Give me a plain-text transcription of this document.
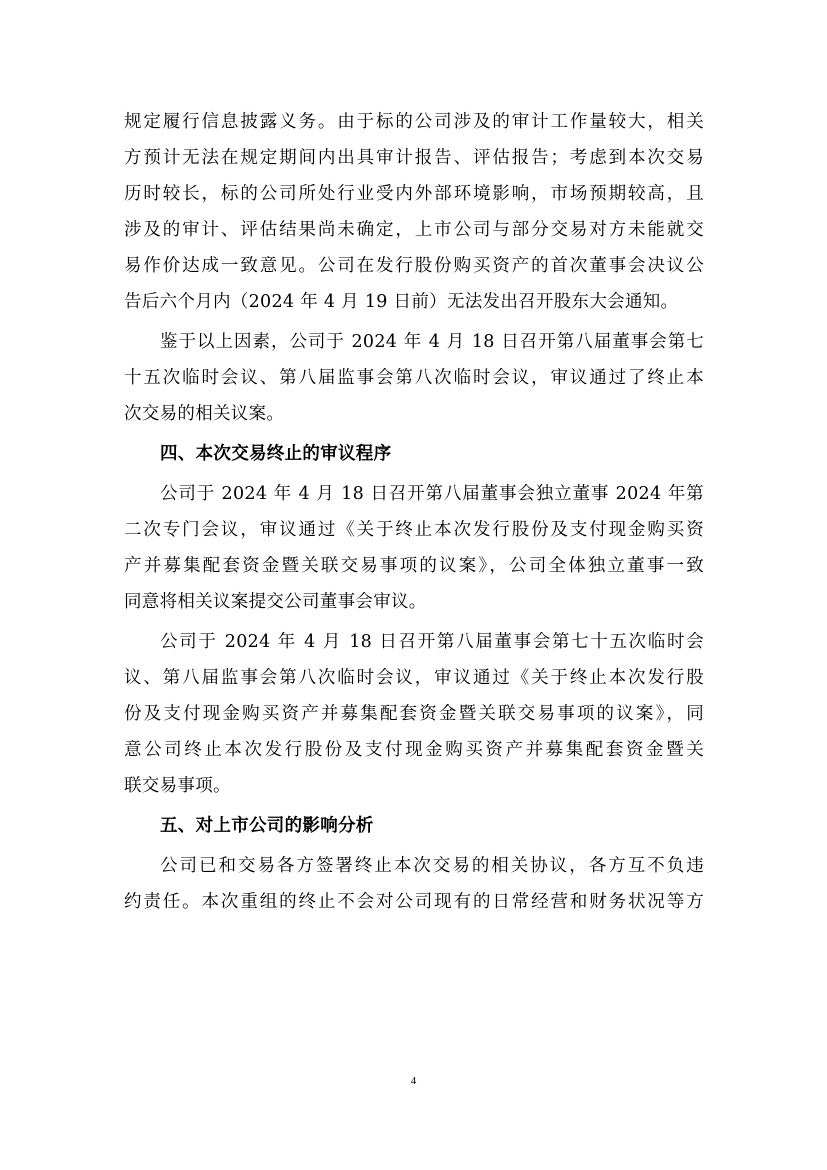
规定履行信息披露义务。由于标的公司涉及的审计工作量较大，相关
方预计无法在规定期间内出具审计报告、评估报告；考虑到本次交易
历时较长，标的公司所处行业受内外部环境影响，市场预期较高，且
涉及的审计、评估结果尚未确定，上市公司与部分交易对方未能就交
易作价达成一致意见。公司在发行股份购买资产的首次董事会决议公
告后六个月内（2024 年 4 月 19 日前）无法发出召开股东大会通知。
鉴于以上因素，公司于 2024 年 4 月 18 日召开第八届董事会第七
十五次临时会议、第八届监事会第八次临时会议，审议通过了终止本
次交易的相关议案。
四、本次交易终止的审议程序
公司于 2024 年 4 月 18 日召开第八届董事会独立董事 2024 年第
二次专门会议，审议通过《关于终止本次发行股份及支付现金购买资
产并募集配套资金暨关联交易事项的议案》，公司全体独立董事一致
同意将相关议案提交公司董事会审议。
公司于 2024 年 4 月 18 日召开第八届董事会第七十五次临时会
议、第八届监事会第八次临时会议，审议通过《关于终止本次发行股
份及支付现金购买资产并募集配套资金暨关联交易事项的议案》，同
意公司终止本次发行股份及支付现金购买资产并募集配套资金暨关
联交易事项。
五、对上市公司的影响分析
公司已和交易各方签署终止本次交易的相关协议，各方互不负违
约责任。本次重组的终止不会对公司现有的日常经营和财务状况等方
4
